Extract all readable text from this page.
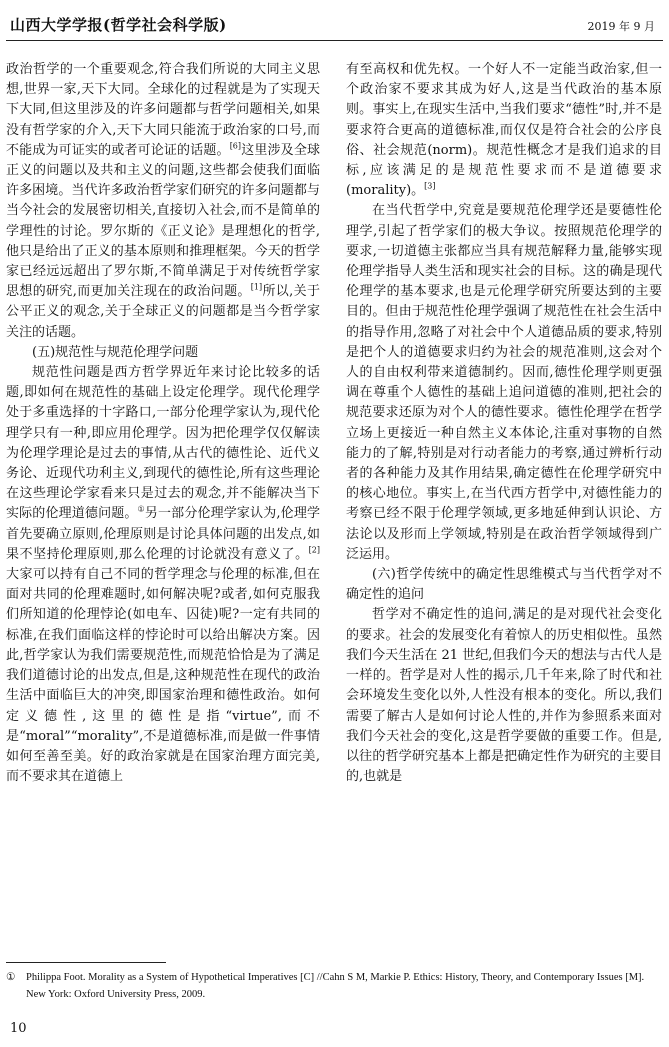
山西大学学报(哲学社会科学版)	2019 年 9 月

政治哲学的一个重要观念,符合我们所说的大同主义思想,世界一家,天下大同。全球化的过程就是为了实现天下大同,但这里涉及的许多问题都与哲学问题相关,如果没有哲学家的介入,天下大同只能流于政治家的口号,而不能成为可证实的或者可论证的话题。[6]这里涉及全球正义的问题以及共和主义的问题,这些都会使我们面临许多困境。当代许多政治哲学家们研究的许多问题都与当今社会的发展密切相关,直接切入社会,而不是简单的学理性的讨论。罗尔斯的《正义论》是理想化的哲学,他只是给出了正义的基本原则和推理框架。今天的哲学家已经远远超出了罗尔斯,不简单满足于对传统哲学家思想的研究,而更加关注现在的政治问题。[1]所以,关于公平正义的观念,关于全球正义的问题都是当今哲学家关注的话题。

(五)规范性与规范伦理学问题

规范性问题是西方哲学界近年来讨论比较多的话题,即如何在规范性的基础上设定伦理学。现代伦理学处于多重选择的十字路口,一部分伦理学家认为,现代伦理学只有一种,即应用伦理学。因为把伦理学仅仅解读为伦理学理论是过去的事情,从古代的德性论、近代义务论、近现代功利主义,到现代的德性论,所有这些理论在这些理论学家看来只是过去的观念,并不能解决当下实际的伦理道德问题。①另一部分伦理学家认为,伦理学首先要确立原则,伦理原则是讨论具体问题的出发点,如果不坚持伦理原则,那么伦理的讨论就没有意义了。[2]大家可以持有自己不同的哲学理念与伦理的标准,但在面对共同的伦理难题时,如何解决呢?或者,如何克服我们所知道的伦理悖论(如电车、囚徒)呢?一定有共同的标准,在我们面临这样的悖论时可以给出解决方案。因此,哲学家认为我们需要规范性,而规范恰恰是为了满足我们道德讨论的出发点,但是,这种规范性在现代的政治生活中面临巨大的冲突,即国家治理和德性政治。如何定义德性,这里的德性是指“virtue”,而不是“moral”“morality”,不是道德标准,而是做一件事情如何至善至美。好的政治家就是在国家治理方面完美,而不要求其在道德上

有至高权和优先权。一个好人不一定能当政治家,但一个政治家不要求其成为好人,这是当代政治的基本原则。事实上,在现实生活中,当我们要求“德性”时,并不是要求符合更高的道德标准,而仅仅是符合社会的公序良俗、社会规范(norm)。规范性概念才是我们追求的目标,应该满足的是规范性要求而不是道德要求(morality)。[3]

在当代哲学中,究竟是要规范伦理学还是要德性伦理学,引起了哲学家们的极大争议。按照规范伦理学的要求,一切道德主张都应当具有规范解释力量,能够实现伦理学指导人类生活和现实社会的目标。这的确是现代伦理学的基本要求,也是元伦理学研究所要达到的主要目的。但由于规范性伦理学强调了规范性在社会生活中的指导作用,忽略了对社会中个人道德品质的要求,特别是把个人的道德要求归约为社会的规范准则,这会对个人的自由权利带来道德制约。因而,德性伦理学则更强调在尊重个人德性的基础上追问道德的准则,把社会的规范要求还原为对个人的德性要求。德性伦理学在哲学立场上更接近一种自然主义本体论,注重对事物的自然能力的了解,特别是对行动者能力的考察,通过辨析行动者的各种能力及其作用结果,确定德性在伦理学研究中的核心地位。事实上,在当代西方哲学中,对德性能力的考察已经不限于伦理学领域,更多地延伸到认识论、方法论以及形而上学领域,特别是在政治哲学领域得到广泛运用。

(六)哲学传统中的确定性思维模式与当代哲学对不确定性的追问

哲学对不确定性的追问,满足的是对现代社会变化的要求。社会的发展变化有着惊人的历史相似性。虽然我们今天生活在 21 世纪,但我们今天的想法与古代人是一样的。哲学是对人性的揭示,几千年来,除了时代和社会环境发生变化以外,人性没有根本的变化。所以,我们需要了解古人是如何讨论人性的,并作为参照系来面对我们今天社会的变化,这是哲学要做的重要工作。但是,以往的哲学研究基本上都是把确定性作为研究的主要目的,也就是

① Philippa Foot. Morality as a System of Hypothetical Imperatives [C] //Cahn S M, Markie P. Ethics: History, Theory, and Contemporary Issues [M]. New York: Oxford University Press, 2009.
10
